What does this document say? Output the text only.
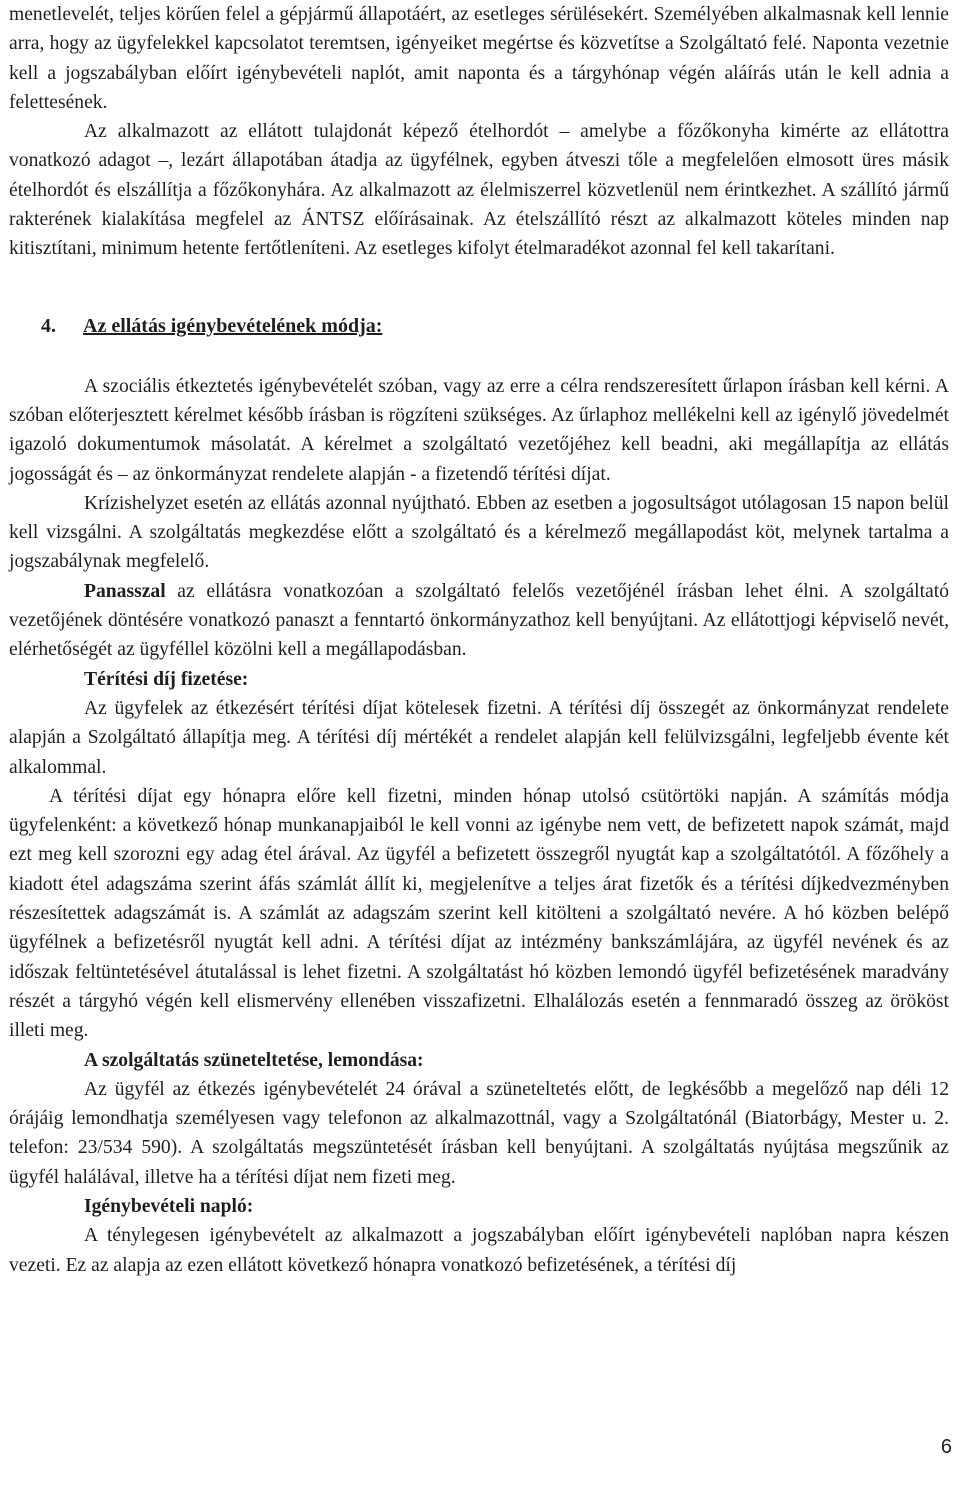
menetlevelét, teljes körűen felel a gépjármű állapotáért, az esetleges sérülésekért. Személyében alkalmasnak kell lennie arra, hogy az ügyfelekkel kapcsolatot teremtsen, igényeiket megértse és közvetítse a Szolgáltató felé. Naponta vezetnie kell a jogszabályban előírt igénybevételi naplót, amit naponta és a tárgyhónap végén aláírás után le kell adnia a felettesének.

Az alkalmazott az ellátott tulajdonát képező ételhordót – amelybe a főzőkonyha kimérte az ellátottra vonatkozó adagot –, lezárt állapotában átadja az ügyfélnek, egyben átveszi tőle a megfelelően elmosott üres másik ételhordót és elszállítja a főzőkonyhára. Az alkalmazott az élelmiszerrel közvetlenül nem érintkezhet. A szállító jármű rakterének kialakítása megfelel az ÁNTSZ előírásainak. Az ételszállító részt az alkalmazott köteles minden nap kitisztítani, minimum hetente fertőtleníteni. Az esetleges kifolyt ételmaradékot azonnal fel kell takarítani.

4. Az ellátás igénybevételének módja:

A szociális étkeztetés igénybevételét szóban, vagy az erre a célra rendszeresített űrlapon írásban kell kérni. A szóban előterjesztett kérelmet később írásban is rögzíteni szükséges. Az űrlaphoz mellékelni kell az igénylő jövedelmét igazoló dokumentumok másolatát. A kérelmet a szolgáltató vezetőjéhez kell beadni, aki megállapítja az ellátás jogosságát és – az önkormányzat rendelete alapján - a fizetendő térítési díjat.

Krízishelyzet esetén az ellátás azonnal nyújtható. Ebben az esetben a jogosultságot utólagosan 15 napon belül kell vizsgálni. A szolgáltatás megkezdése előtt a szolgáltató és a kérelmező megállapodást köt, melynek tartalma a jogszabálynak megfelelő.

Panasszal az ellátásra vonatkozóan a szolgáltató felelős vezetőjénél írásban lehet élni. A szolgáltató vezetőjének döntésére vonatkozó panaszt a fenntartó önkormányzathoz kell benyújtani. Az ellátottjogi képviselő nevét, elérhetőségét az ügyféllel közölni kell a megállapodásban.

Térítési díj fizetése:

Az ügyfelek az étkezésért térítési díjat kötelesek fizetni. A térítési díj összegét az önkormányzat rendelete alapján a Szolgáltató állapítja meg. A térítési díj mértékét a rendelet alapján kell felülvizsgálni, legfeljebb évente két alkalommal.

A térítési díjat egy hónapra előre kell fizetni, minden hónap utolsó csütörtöki napján. A számítás módja ügyfelenként: a következő hónap munkanapjaiból le kell vonni az igénybe nem vett, de befizetett napok számát, majd ezt meg kell szorozni egy adag étel árával. Az ügyfél a befizetett összegről nyugtát kap a szolgáltatótól. A főzőhely a kiadott étel adagszáma szerint áfás számlát állít ki, megjelenítve a teljes árat fizetők és a térítési díjkedvezményben részesítettek adagszámát is. A számlát az adagszám szerint kell kitölteni a szolgáltató nevére. A hó közben belépő ügyfélnek a befizetésről nyugtát kell adni. A térítési díjat az intézmény bankszámlájára, az ügyfél nevének és az időszak feltüntetésével átutalással is lehet fizetni. A szolgáltatást hó közben lemondó ügyfél befizetésének maradvány részét a tárgyhó végén kell elismervény ellenében visszafizetni. Elhalálozás esetén a fennmaradó összeg az örököst illeti meg.

A szolgáltatás szüneteltetése, lemondása:

Az ügyfél az étkezés igénybevételét 24 órával a szüneteltetés előtt, de legkésőbb a megelőző nap déli 12 órájáig lemondhatja személyesen vagy telefonon az alkalmazottnál, vagy a Szolgáltatónál (Biatorbágy, Mester u. 2. telefon: 23/534 590). A szolgáltatás megszüntetését írásban kell benyújtani. A szolgáltatás nyújtása megszűnik az ügyfél halálával, illetve ha a térítési díjat nem fizeti meg.

Igénybevételi napló:

A ténylegesen igénybevételt az alkalmazott a jogszabályban előírt igénybevételi naplóban napra készen vezeti. Ez az alapja az ezen ellátott következő hónapra vonatkozó befizetésének, a térítési díj

6
